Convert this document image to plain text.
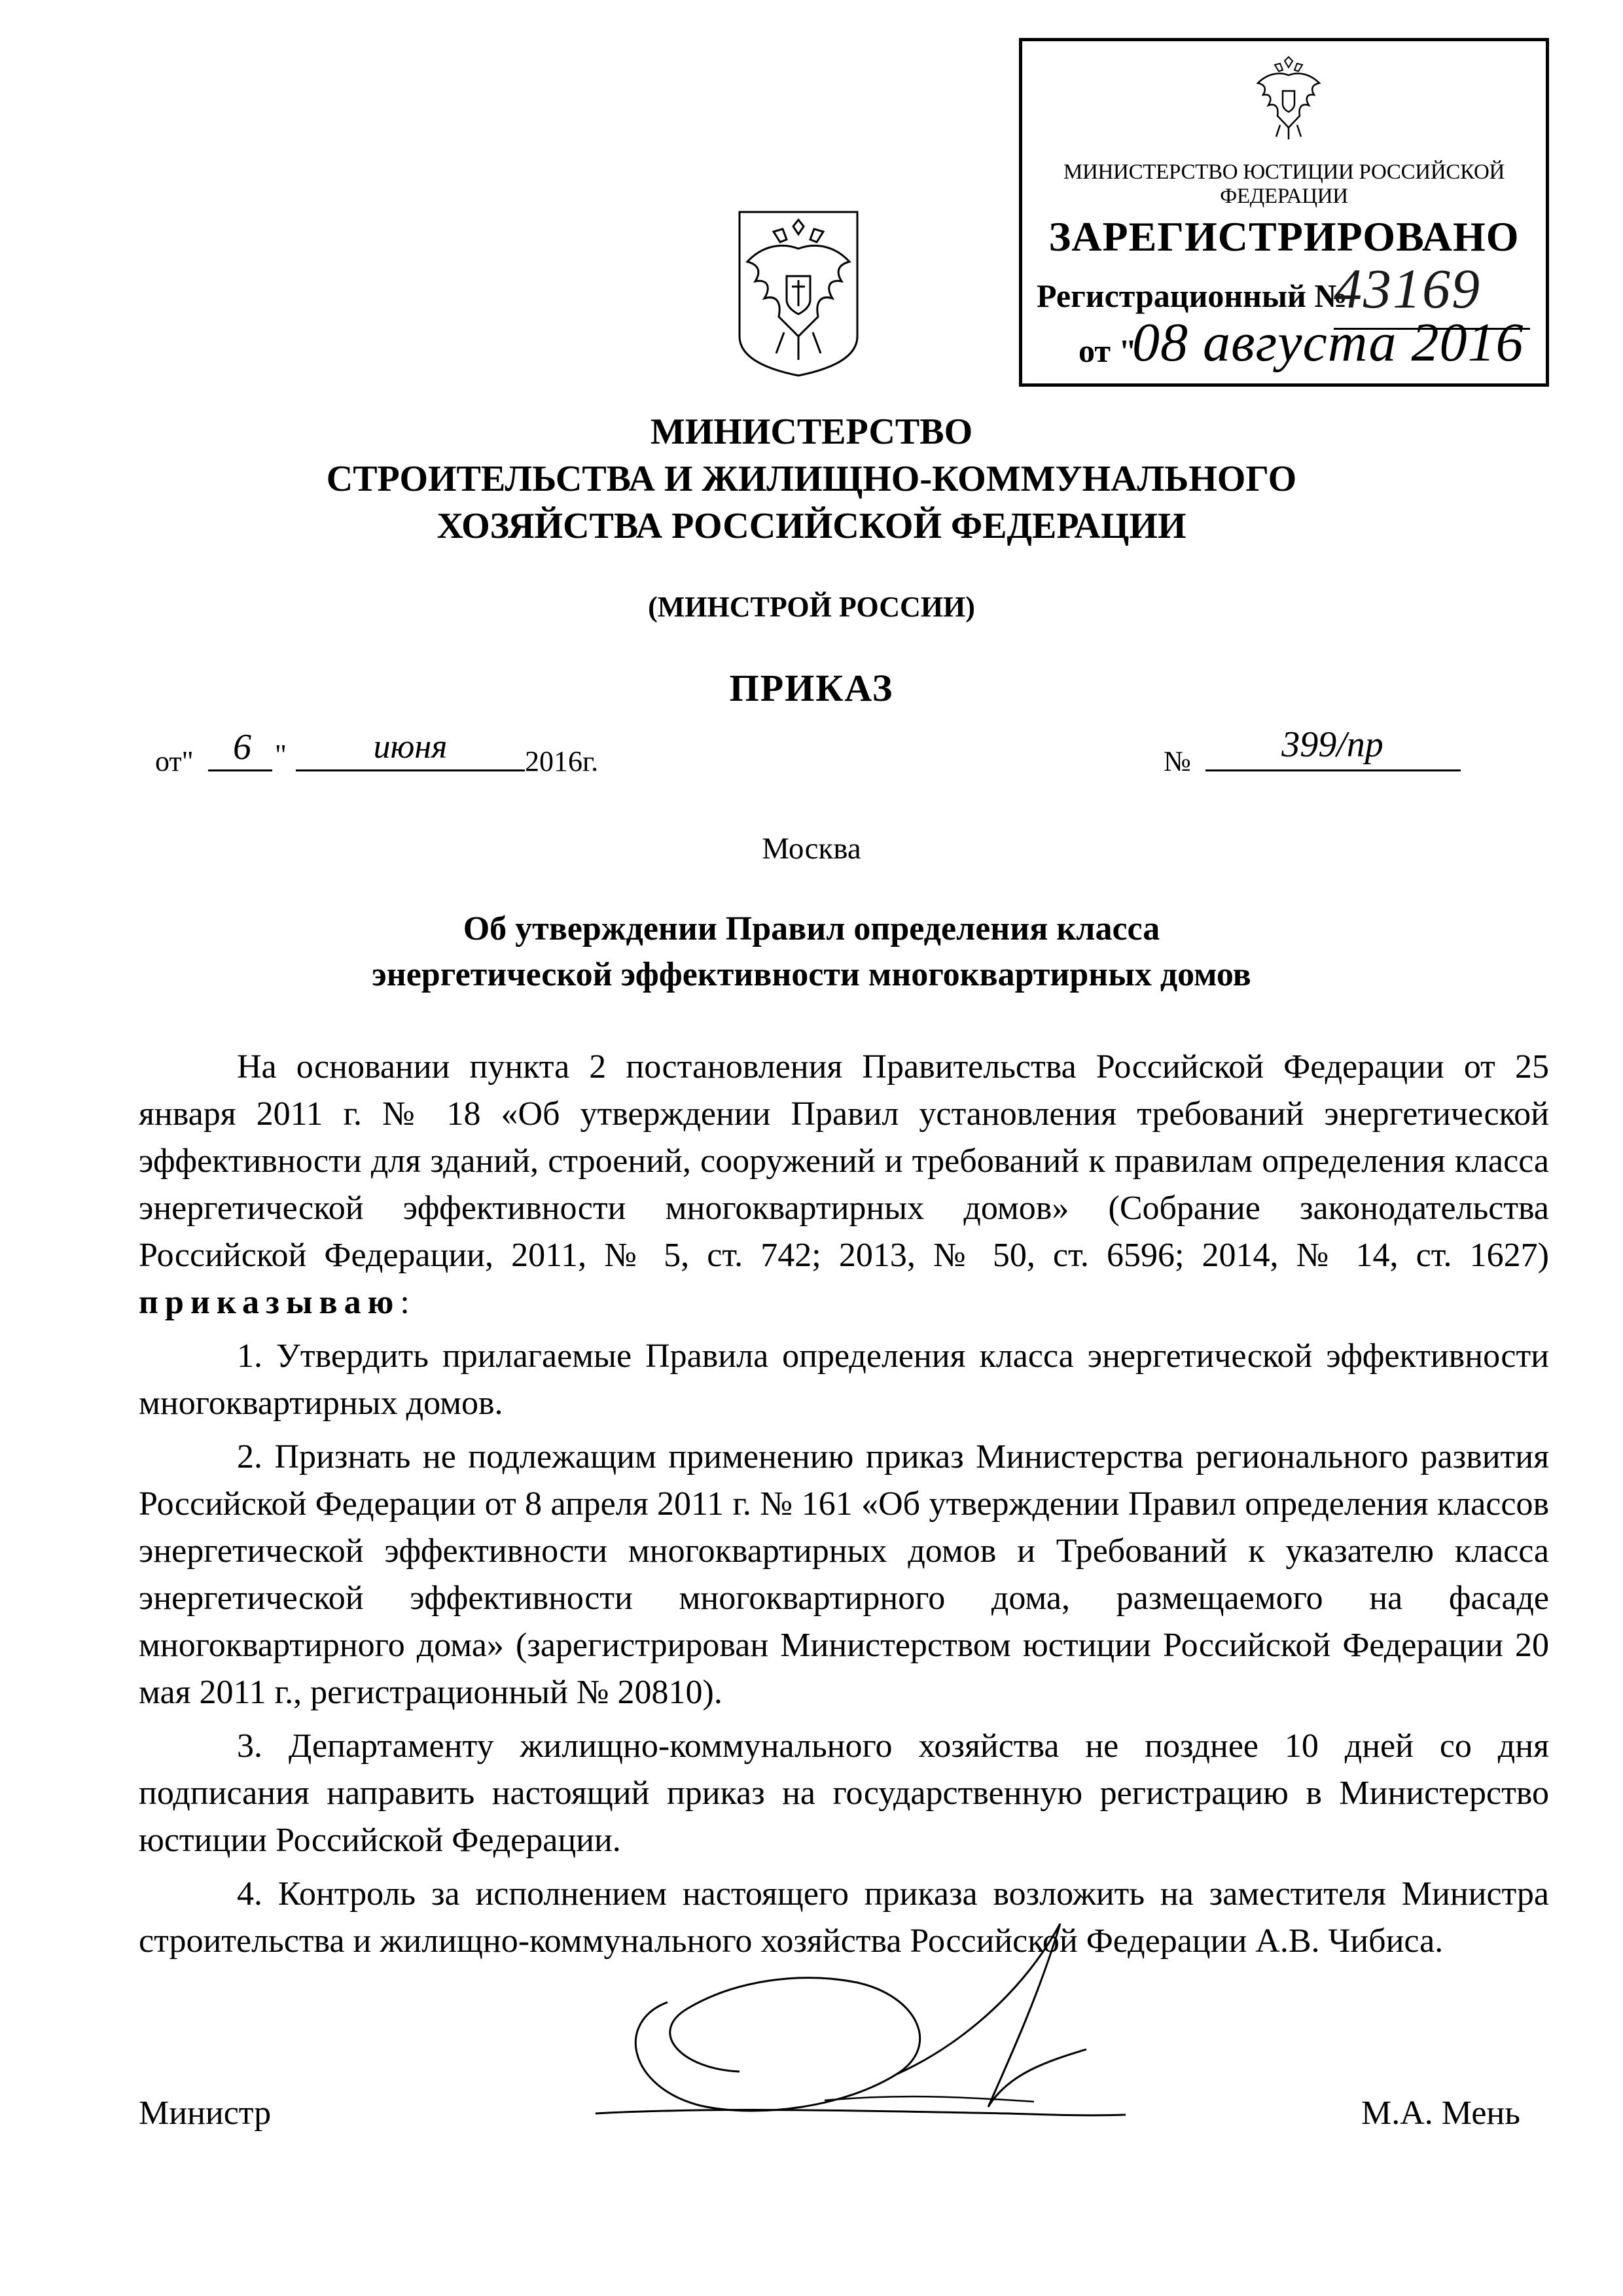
МИНИСТЕРСТВО ЮСТИЦИИ РОССИЙСКОЙ ФЕДЕРАЦИИ
ЗАРЕГИСТРИРОВАНО
Регистрационный №
43169
от "
08 августа 2016
МИНИСТЕРСТВО
СТРОИТЕЛЬСТВА И ЖИЛИЩНО-КОММУНАЛЬНОГО
ХОЗЯЙСТВА РОССИЙСКОЙ ФЕДЕРАЦИИ
(МИНСТРОЙ РОССИИ)
ПРИКАЗ
от"	6 "	июня	2016г.	№	399/пр
Москва
Об утверждении Правил определения класса
энергетической эффективности многоквартирных домов

На основании пункта 2 постановления Правительства Российской Федерации от 25 января 2011 г. № 18 «Об утверждении Правил установления требований энергетической эффективности для зданий, строений, сооружений и требований к правилам определения класса энергетической эффективности многоквартирных домов» (Собрание законодательства Российской Федерации, 2011, № 5, ст. 742; 2013, № 50, ст. 6596; 2014, № 14, ст. 1627) приказываю:

1. Утвердить прилагаемые Правила определения класса энергетической эффективности многоквартирных домов.

2. Признать не подлежащим применению приказ Министерства регионального развития Российской Федерации от 8 апреля 2011 г. № 161 «Об утверждении Правил определения классов энергетической эффективности многоквартирных домов и Требований к указателю класса энергетической эффективности многоквартирного дома, размещаемого на фасаде многоквартирного дома» (зарегистрирован Министерством юстиции Российской Федерации 20 мая 2011 г., регистрационный № 20810).

3. Департаменту жилищно-коммунального хозяйства не позднее 10 дней со дня подписания направить настоящий приказ на государственную регистрацию в Министерство юстиции Российской Федерации.

4. Контроль за исполнением настоящего приказа возложить на заместителя Министра строительства и жилищно-коммунального хозяйства Российской Федерации А.В. Чибиса.

Министр	М.А. Мень
